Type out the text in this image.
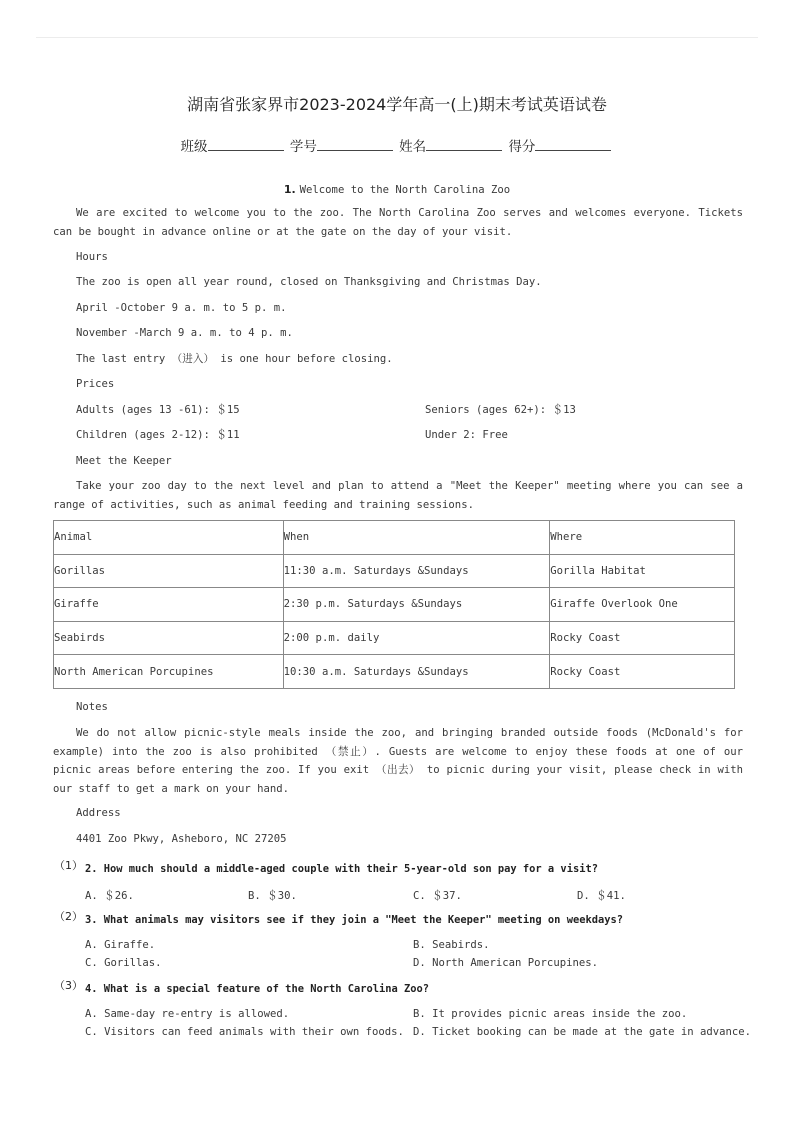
湖南省张家界市2023-2024学年高一(上)期末考试英语试卷
班级	学号	姓名	得分
1. Welcome to the North Carolina Zoo
We are excited to welcome you to the zoo. The North Carolina Zoo serves and welcomes everyone. Tickets can be bought in advance online or at the gate on the day of your visit.
Hours
The zoo is open all year round, closed on Thanksgiving and Christmas Day.
April -October 9 a. m. to 5 p. m.
November -March 9 a. m. to 4 p. m.
The last entry （进入） is one hour before closing.
Prices
Adults (ages 13 -61): ＄15	Seniors (ages 62+): ＄13
Children (ages 2-12): ＄11	Under 2: Free
Meet the Keeper
Take your zoo day to the next level and plan to attend a "Meet the Keeper" meeting where you can see a range of activities, such as animal feeding and training sessions.
Animal	When	Where
Gorillas	11:30 a.m. Saturdays &Sundays	Gorilla Habitat
Giraffe	2:30 p.m. Saturdays &Sundays	Giraffe Overlook One
Seabirds	2:00 p.m. daily	Rocky Coast
North American Porcupines	10:30 a.m. Saturdays &Sundays	Rocky Coast
Notes
We do not allow picnic-style meals inside the zoo, and bringing branded outside foods (McDonald's for example) into the zoo is also prohibited （禁止）. Guests are welcome to enjoy these foods at one of our picnic areas before entering the zoo. If you exit （出去） to picnic during your visit, please check in with our staff to get a mark on your hand.
Address
4401 Zoo Pkwy, Asheboro, NC 27205
（1） 2. How much should a middle-aged couple with their 5-year-old son pay for a visit?
A. ＄26.	B. ＄30.	C. ＄37.	D. ＄41.
（2） 3. What animals may visitors see if they join a "Meet the Keeper" meeting on weekdays?
A. Giraffe.	B. Seabirds.
C. Gorillas.	D. North American Porcupines.
（3） 4. What is a special feature of the North Carolina Zoo?
A. Same-day re-entry is allowed.	B. It provides picnic areas inside the zoo.
C. Visitors can feed animals with their own foods. D. Ticket booking can be made at the gate in advance.
